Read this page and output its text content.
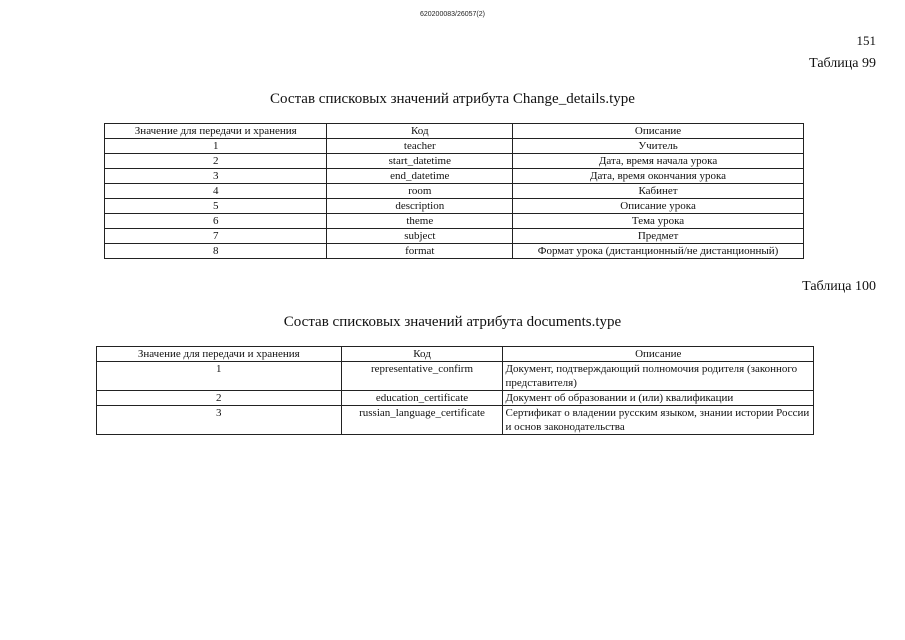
620200083/26057(2)
151
Таблица 99
Состав списковых значений атрибута Change_details.type
Значение для передачи и хранения	Код	Описание
1	teacher	Учитель
2	start_datetime	Дата, время начала урока
3	end_datetime	Дата, время окончания урока
4	room	Кабинет
5	description	Описание урока
6	theme	Тема урока
7	subject	Предмет
8	format	Формат урока (дистанционный/не дистанционный)
Таблица 100
Состав списковых значений атрибута documents.type
Значение для передачи и хранения	Код	Описание
1	representative_confirm	Документ, подтверждающий полномочия родителя (законного представителя)
2	education_certificate	Документ об образовании и (или) квалификации
3	russian_language_certificate	Сертификат о владении русским языком, знании истории России и основ законодательства
